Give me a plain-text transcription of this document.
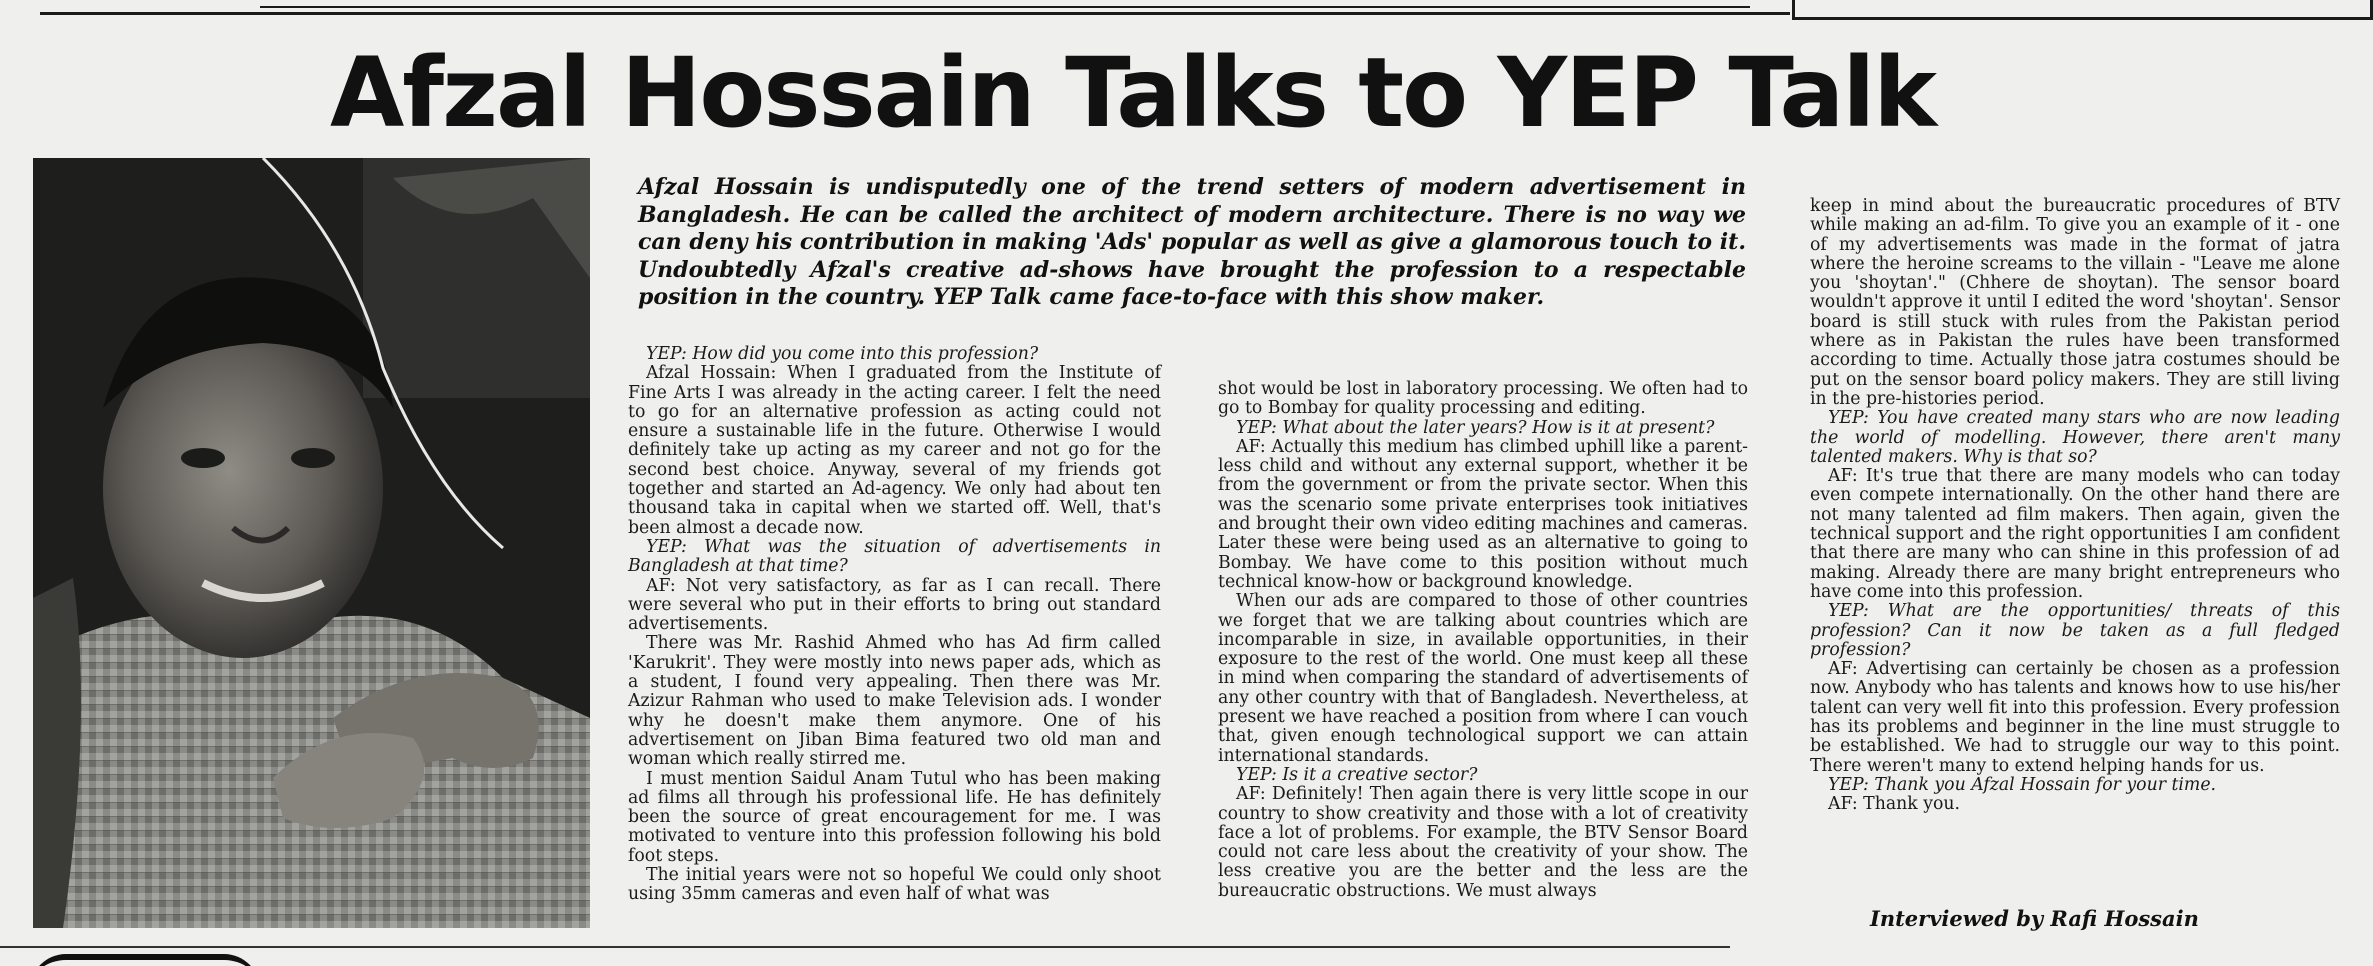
Afzal Hossain Talks to YEP Talk
Afzal Hossain is undisputedly one of the trend setters of modern advertisement in Bangladesh. He can be called the architect of modern architecture. There is no way we can deny his contribution in making 'Ads' popular as well as give a glamorous touch to it. Undoubtedly Afzal's creative ad-shows have brought the profession to a respectable position in the country. YEP Talk came face-to-face with this show maker.

YEP: How did you come into this profession?

Afzal Hossain: When I graduated from the Institute of Fine Arts I was already in the acting career. I felt the need to go for an alternative profession as acting could not ensure a sustainable life in the future. Otherwise I would definitely take up acting as my career and not go for the second best choice. Anyway, several of my friends got together and started an Ad-agency. We only had about ten thousand taka in capital when we started off. Well, that's been almost a decade now.

YEP: What was the situation of advertisements in Bangladesh at that time?

AF: Not very satisfactory, as far as I can recall. There were several who put in their efforts to bring out standard advertisements.

There was Mr. Rashid Ahmed who has Ad firm called 'Karukrit'. They were mostly into news paper ads, which as a student, I found very appealing. Then there was Mr. Azizur Rahman who used to make Television ads. I wonder why he doesn't make them anymore. One of his advertisement on Jiban Bima featured two old man and woman which really stirred me.

I must mention Saidul Anam Tutul who has been making ad films all through his professional life. He has definitely been the source of great encouragement for me. I was motivated to venture into this profession following his bold foot steps.

The initial years were not so hopeful We could only shoot using 35mm cameras and even half of what was

shot would be lost in laboratory processing. We often had to go to Bombay for quality processing and editing.

YEP: What about the later years? How is it at present?

AF: Actually this medium has climbed uphill like a parent-less child and without any external support, whether it be from the government or from the private sector. When this was the scenario some private enterprises took initiatives and brought their own video editing machines and cameras. Later these were being used as an alternative to going to Bombay. We have come to this position without much technical know-how or background knowledge.

When our ads are compared to those of other countries we forget that we are talking about countries which are incomparable in size, in available opportunities, in their exposure to the rest of the world. One must keep all these in mind when comparing the standard of advertisements of any other country with that of Bangladesh. Nevertheless, at present we have reached a position from where I can vouch that, given enough technological support we can attain international standards.

YEP: Is it a creative sector?

AF: Definitely! Then again there is very little scope in our country to show creativity and those with a lot of creativity face a lot of problems. For example, the BTV Sensor Board could not care less about the creativity of your show. The less creative you are the better and the less are the bureaucratic obstructions. We must always

keep in mind about the bureaucratic procedures of BTV while making an ad-film. To give you an example of it - one of my advertisements was made in the format of jatra where the heroine screams to the villain - "Leave me alone you 'shoytan'." (Chhere de shoytan). The sensor board wouldn't approve it until I edited the word 'shoytan'. Sensor board is still stuck with rules from the Pakistan period where as in Pakistan the rules have been transformed according to time. Actually those jatra costumes should be put on the sensor board policy makers. They are still living in the pre-histories period.

YEP: You have created many stars who are now leading the world of modelling. However, there aren't many talented makers. Why is that so?

AF: It's true that there are many models who can today even compete internationally. On the other hand there are not many talented ad film makers. Then again, given the technical support and the right opportunities I am confident that there are many who can shine in this profession of ad making. Already there are many bright entrepreneurs who have come into this profession.

YEP: What are the opportunities/ threats of this profession? Can it now be taken as a full fledged profession?

AF: Advertising can certainly be chosen as a profession now. Anybody who has talents and knows how to use his/her talent can very well fit into this profession. Every profession has its problems and beginner in the line must struggle to be established. We had to struggle our way to this point. There weren't many to extend helping hands for us.

YEP: Thank you Afzal Hossain for your time.

AF: Thank you.

Interviewed by Rafi Hossain
